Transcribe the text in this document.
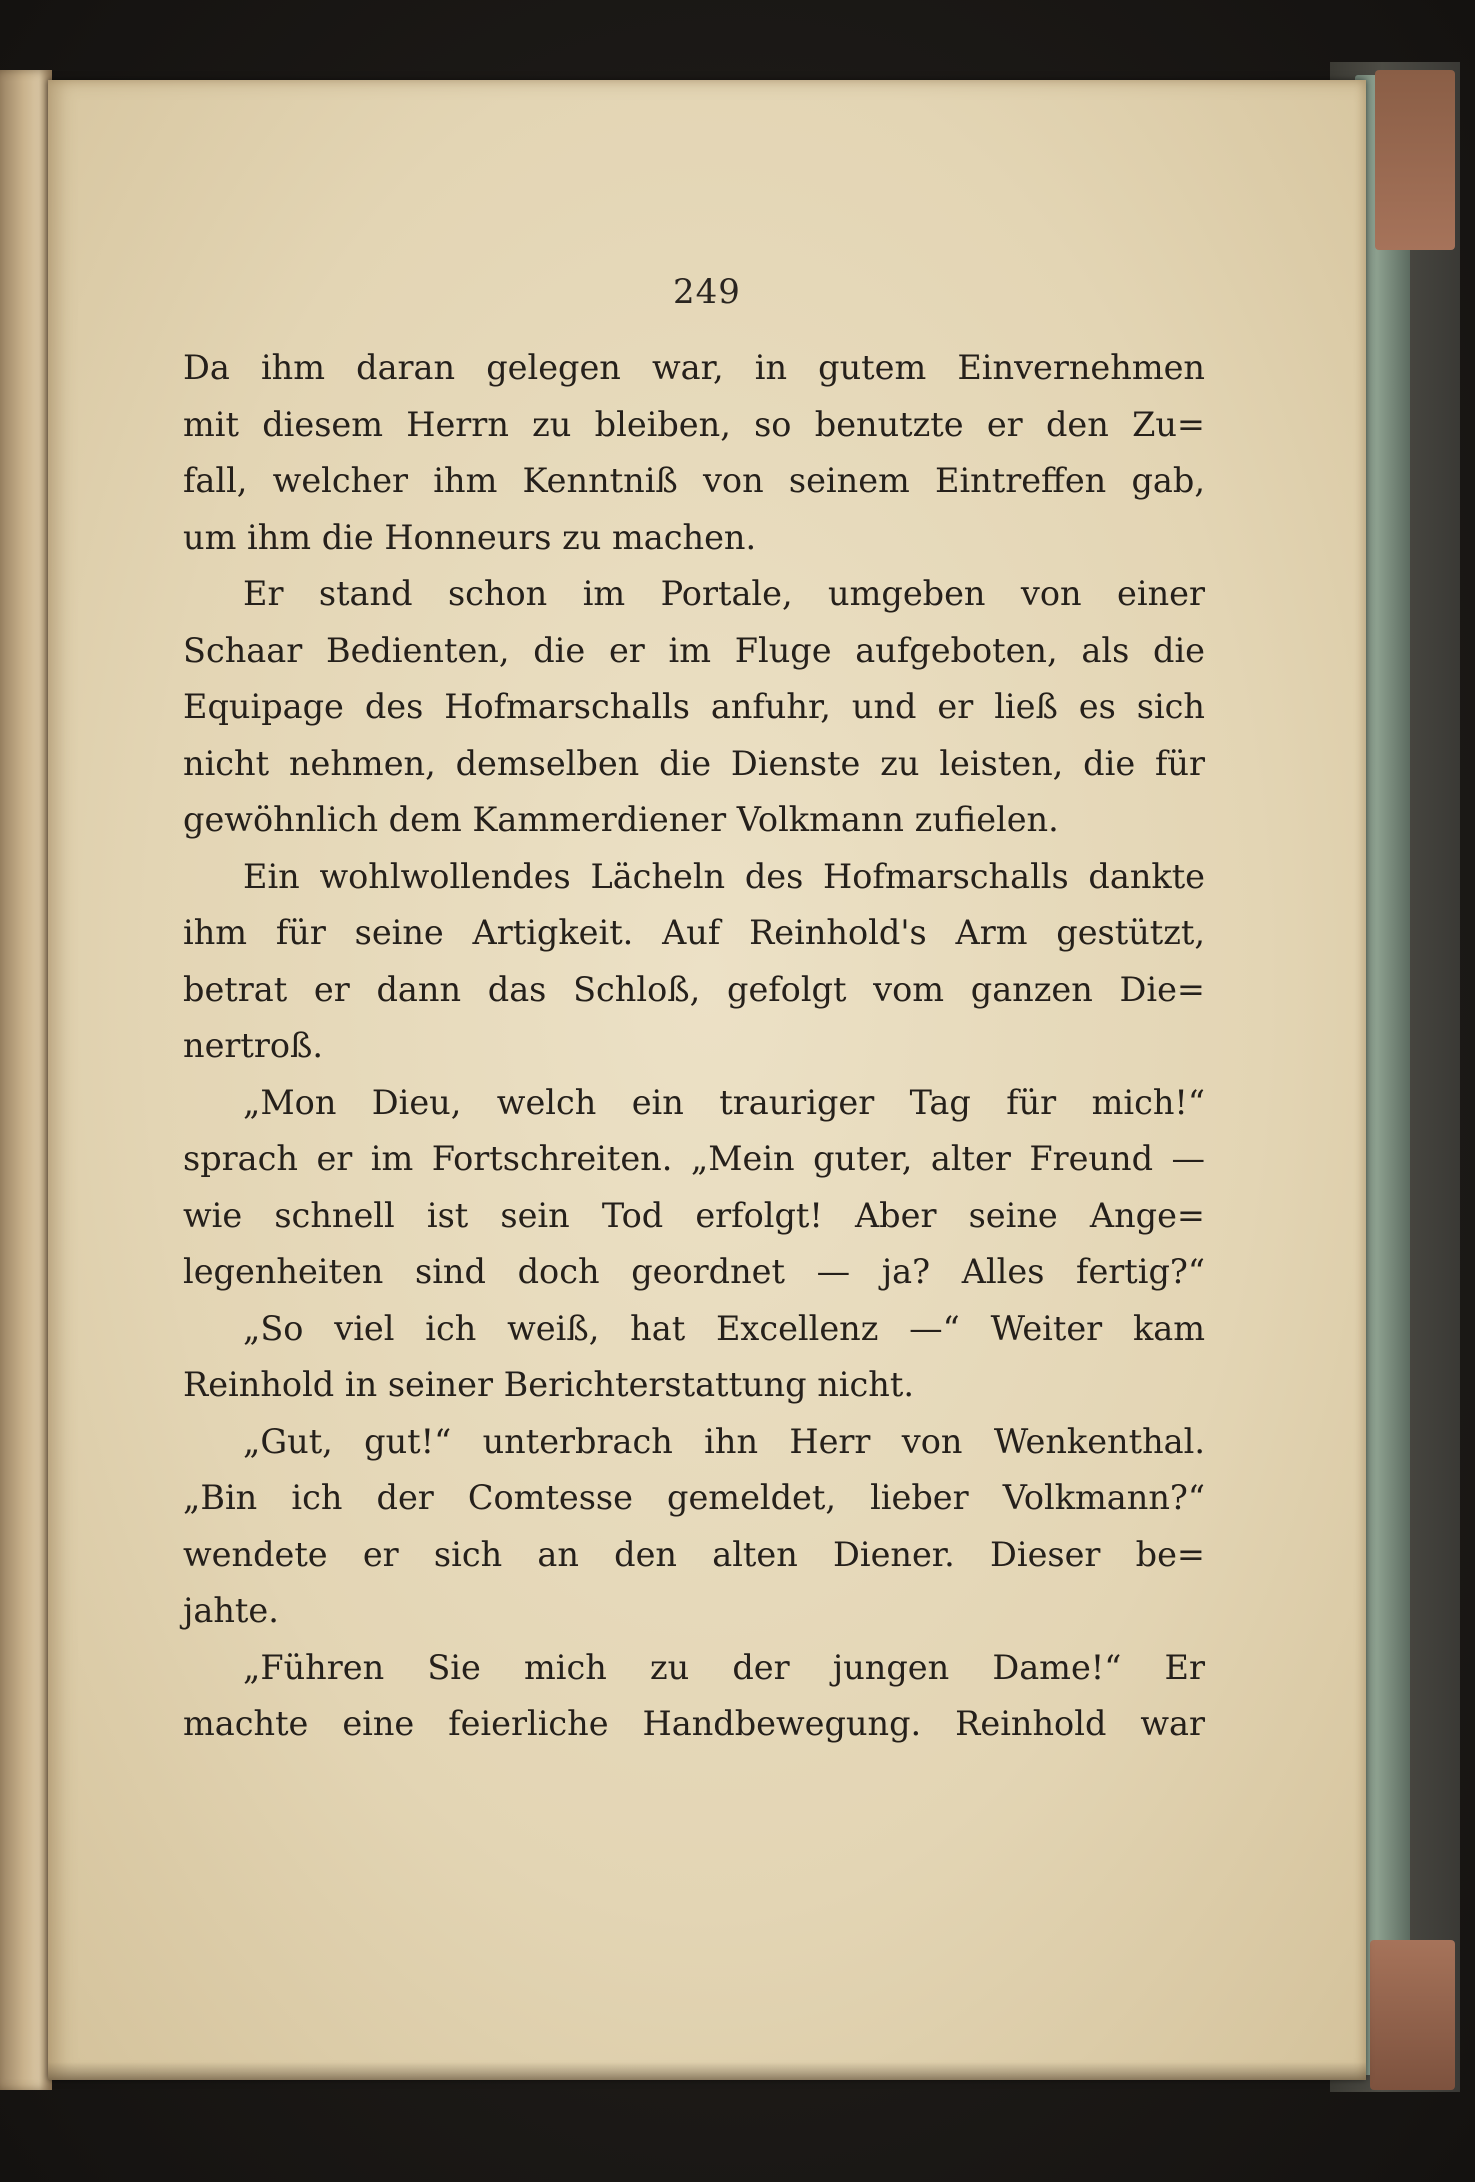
249
Da ihm daran gelegen war, in gutem Einvernehmen
mit diesem Herrn zu bleiben, so benutzte er den Zu=
fall, welcher ihm Kenntniß von seinem Eintreffen gab,
um ihm die Honneurs zu machen.
Er stand schon im Portale, umgeben von einer
Schaar Bedienten, die er im Fluge aufgeboten, als die
Equipage des Hofmarschalls anfuhr, und er ließ es sich
nicht nehmen, demselben die Dienste zu leisten, die für
gewöhnlich dem Kammerdiener Volkmann zufielen.
Ein wohlwollendes Lächeln des Hofmarschalls dankte
ihm für seine Artigkeit. Auf Reinhold's Arm gestützt,
betrat er dann das Schloß, gefolgt vom ganzen Die=
nertroß.
„Mon Dieu, welch ein trauriger Tag für mich!“
sprach er im Fortschreiten. „Mein guter, alter Freund —
wie schnell ist sein Tod erfolgt! Aber seine Ange=
legenheiten sind doch geordnet — ja? Alles fertig?“
„So viel ich weiß, hat Excellenz —“ Weiter kam
Reinhold in seiner Berichterstattung nicht.
„Gut, gut!“ unterbrach ihn Herr von Wenkenthal.
„Bin ich der Comtesse gemeldet, lieber Volkmann?“
wendete er sich an den alten Diener. Dieser be=
jahte.
„Führen Sie mich zu der jungen Dame!“ Er
machte eine feierliche Handbewegung. Reinhold war
